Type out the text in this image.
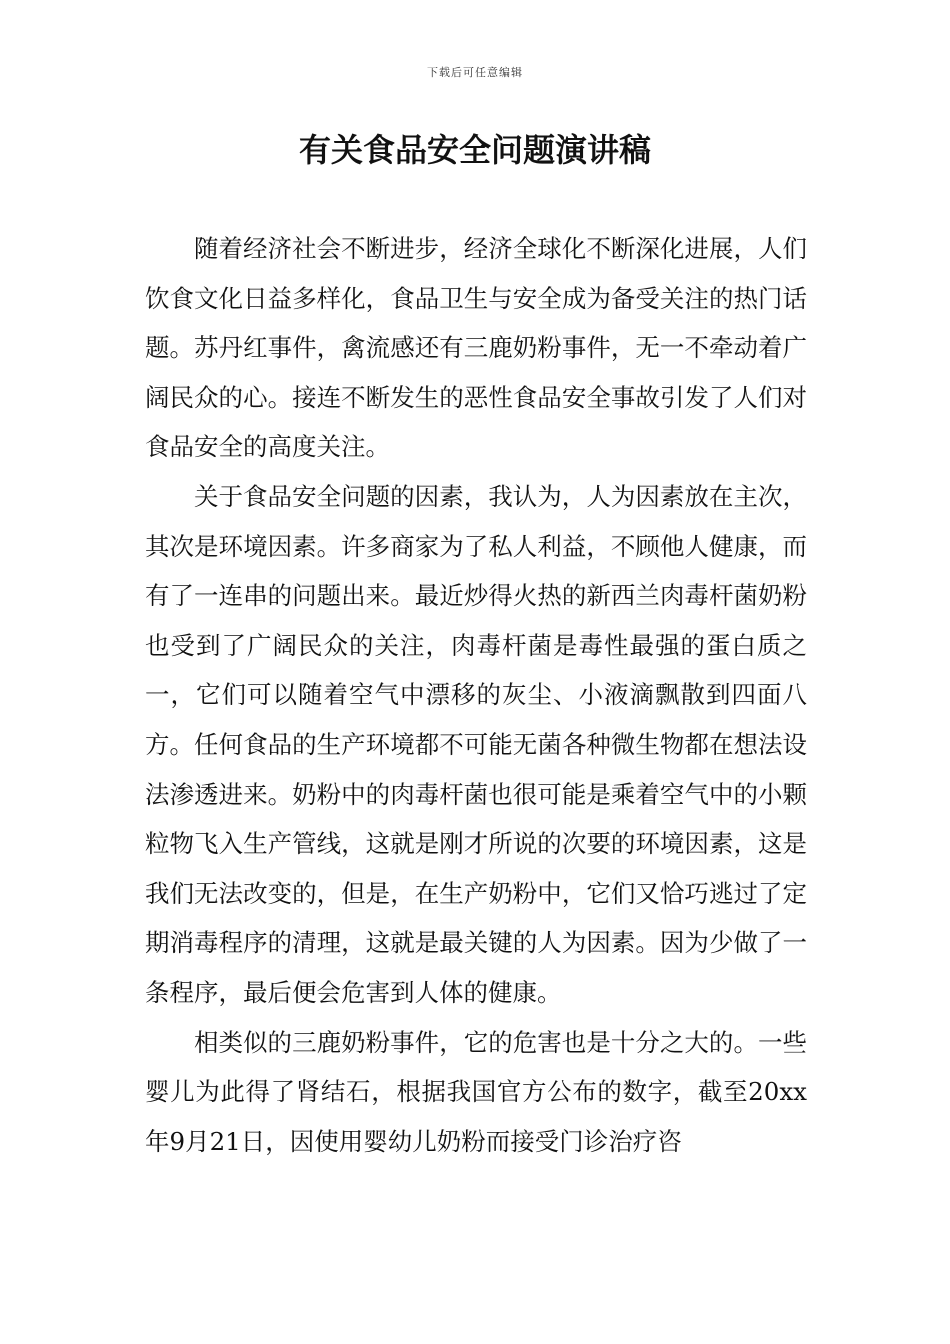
下载后可任意编辑
有关食品安全问题演讲稿

随着经济社会不断进步，经济全球化不断深化进展，人们饮食文化日益多样化，食品卫生与安全成为备受关注的热门话题。苏丹红事件，禽流感还有三鹿奶粉事件，无一不牵动着广阔民众的心。接连不断发生的恶性食品安全事故引发了人们对食品安全的高度关注。

关于食品安全问题的因素，我认为，人为因素放在主次，其次是环境因素。许多商家为了私人利益，不顾他人健康，而有了一连串的问题出来。最近炒得火热的新西兰肉毒杆菌奶粉也受到了广阔民众的关注，肉毒杆菌是毒性最强的蛋白质之一，它们可以随着空气中漂移的灰尘、小液滴飘散到四面八方。任何食品的生产环境都不可能无菌各种微生物都在想法设法渗透进来。奶粉中的肉毒杆菌也很可能是乘着空气中的小颗粒物飞入生产管线，这就是刚才所说的次要的环境因素，这是我们无法改变的，但是，在生产奶粉中，它们又恰巧逃过了定期消毒程序的清理，这就是最关键的人为因素。因为少做了一条程序，最后便会危害到人体的健康。

相类似的三鹿奶粉事件，它的危害也是十分之大的。一些婴儿为此得了肾结石，根据我国官方公布的数字，截至20xx年9月21日，因使用婴幼儿奶粉而接受门诊治疗咨
